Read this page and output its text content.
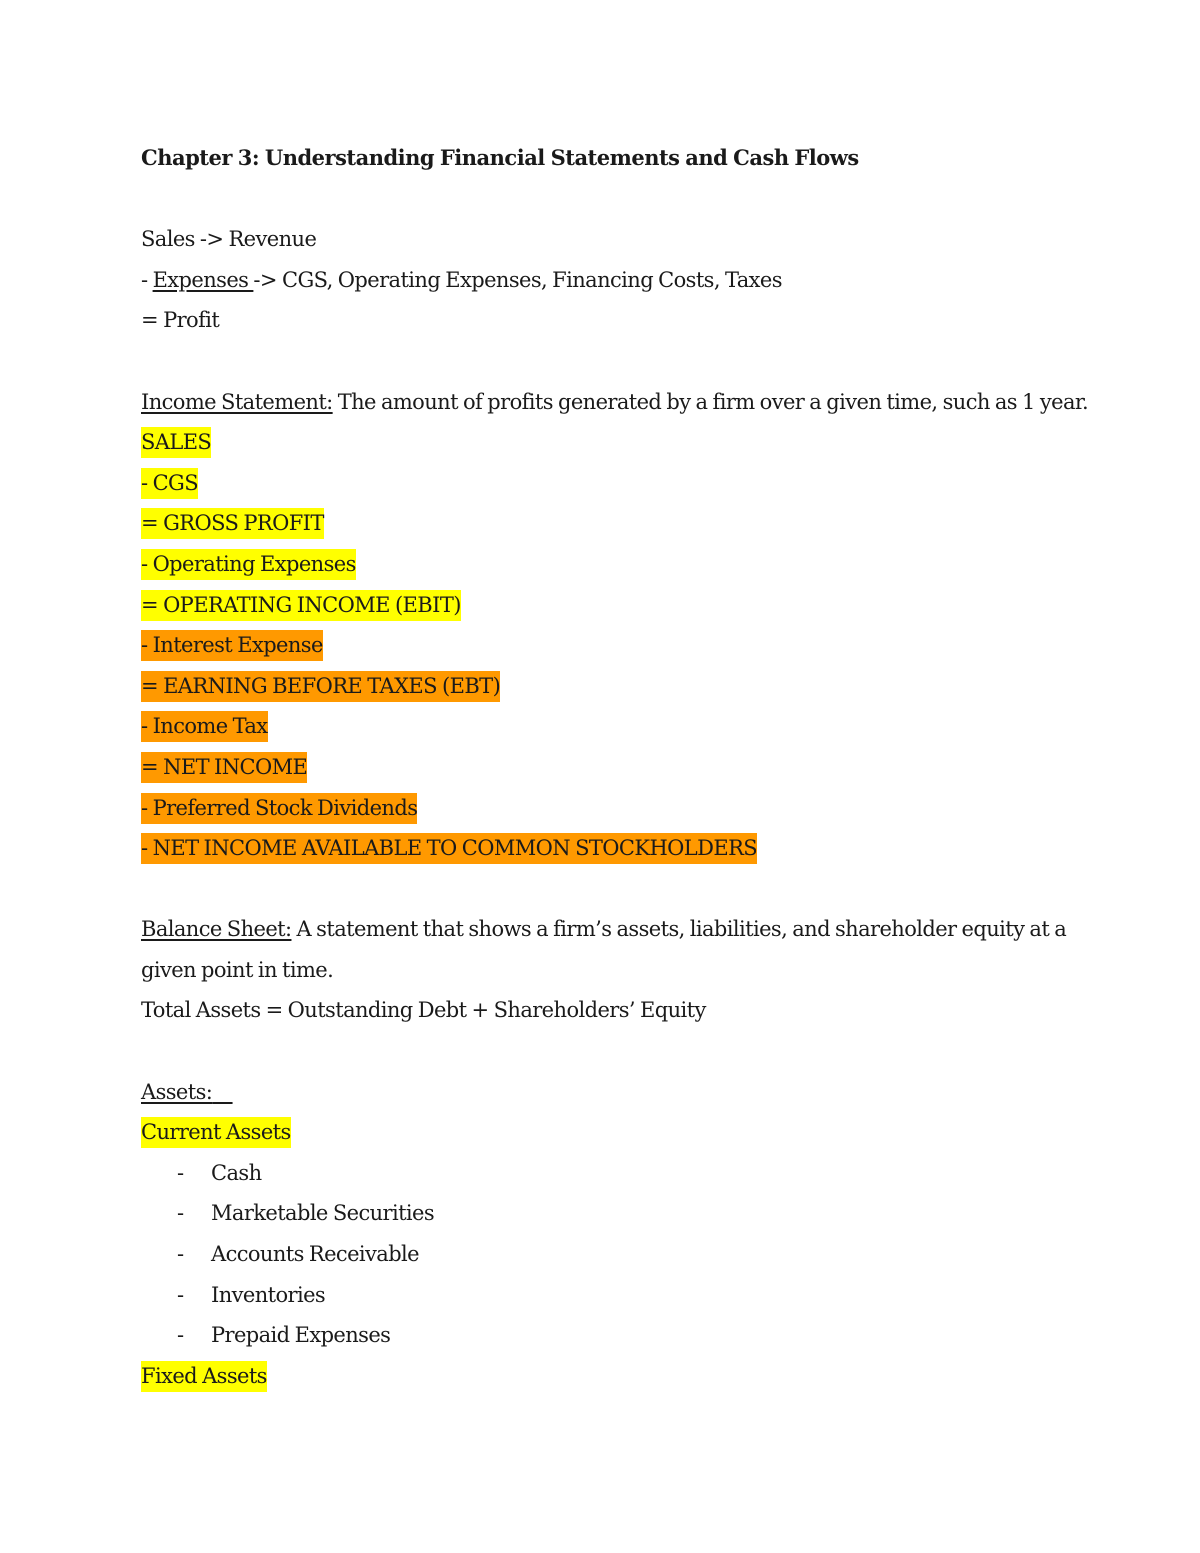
Chapter 3: Understanding Financial Statements and Cash Flows
Sales -> Revenue
- Expenses -> CGS, Operating Expenses, Financing Costs, Taxes
= Profit
Income Statement: The amount of profits generated by a firm over a given time, such as 1 year.
SALES
- CGS
= GROSS PROFIT
- Operating Expenses
= OPERATING INCOME (EBIT)
- Interest Expense
= EARNING BEFORE TAXES (EBT)
- Income Tax
= NET INCOME
- Preferred Stock Dividends
- NET INCOME AVAILABLE TO COMMON STOCKHOLDERS
Balance Sheet: A statement that shows a firm’s assets, liabilities, and shareholder equity at a
given point in time.
Total Assets = Outstanding Debt + Shareholders’ Equity
Assets:
Current Assets
- Cash
- Marketable Securities
- Accounts Receivable
- Inventories
- Prepaid Expenses
Fixed Assets
